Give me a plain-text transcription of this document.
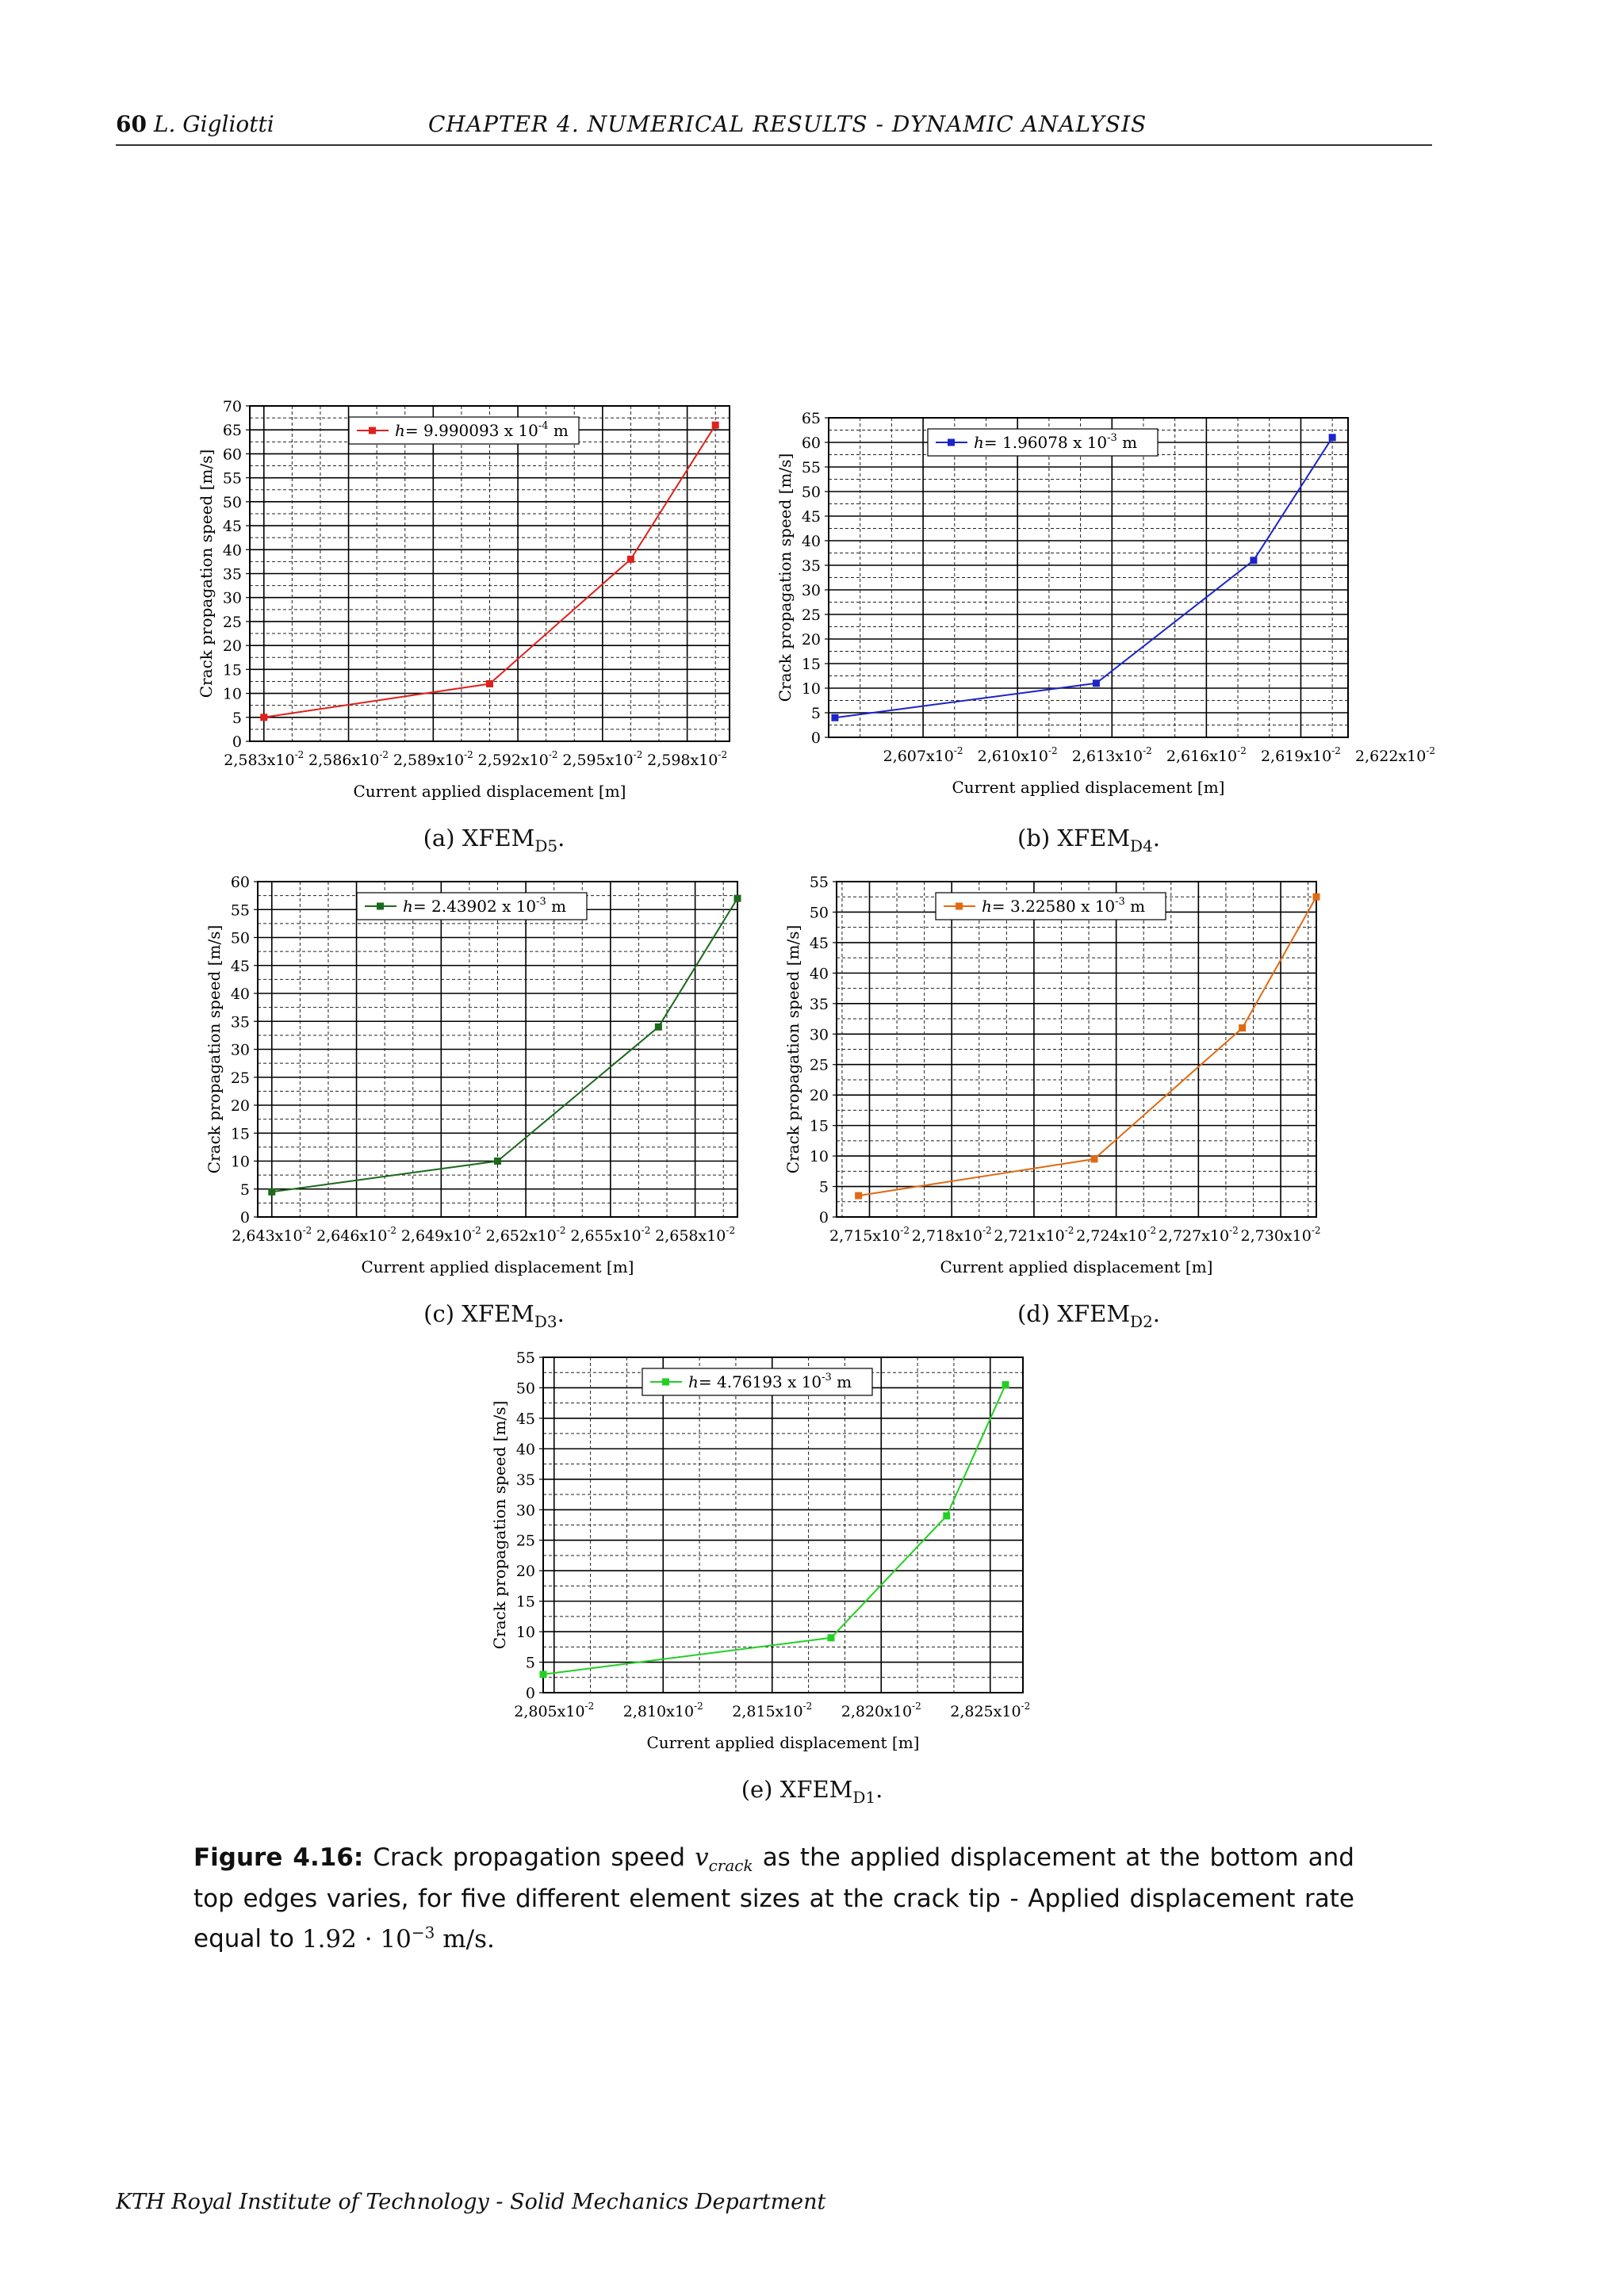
60 L. Gigliotti	CHAPTER 4. NUMERICAL RESULTS - DYNAMIC ANALYSIS
0
5
10
15
20
25
30
35
40
45
50
55
60
65
70
$2,583x10^{-2}$ $2,586x10^{-2}$ $2,589x10^{-2}$ $2,592x10^{-2}$ $2,595x10^{-2}$ $2,598x10^{-2}$
h= 9.990093 x $10^{-4}$ m
Current applied displacement [m]
Crack propagation speed [m/s]
0
5
10
15
20
25
30
35
40
45
50
55
60
65
$2,607x10^{-2}$ $2,610x10^{-2}$ $2,613x10^{-2}$ $2,616x10^{-2}$ $2,619x10^{-2}$ $2,622x10^{-2}$
h= 1.96078 x $10^{-3}$ m
Current applied displacement [m]
Crack propagation speed [m/s]
0
5
10
15
20
25
30
35
40
45
50
55
60
$2,643x10^{-2}$ $2,646x10^{-2}$ $2,649x10^{-2}$ $2,652x10^{-2}$ $2,655x10^{-2}$ $2,658x10^{-2}$
h= 2.43902 x $10^{-3}$ m
Current applied displacement [m]
Crack propagation speed [m/s]
0
5
10
15
20
25
30
35
40
45
50
55
$2,715x10^{-2}$ $2,718x10^{-2}$ $2,721x10^{-2}$ $2,724x10^{-2}$ $2,727x10^{-2}$ $2,730x10^{-2}$
h= 3.22580 x $10^{-3}$ m
Current applied displacement [m]
Crack propagation speed [m/s]
0
5
10
15
20
25
30
35
40
45
50
55
$2,805x10^{-2}$ $2,810x10^{-2}$ $2,815x10^{-2}$ $2,820x10^{-2}$ $2,825x10^{-2}$
h= 4.76193 x $10^{-3}$ m
Current applied displacement [m]
Crack propagation speed [m/s]
(a) $XFEM_{D5}$.	(b) $XFEM_{D4}$.
(c) $XFEM_{D3}$.	(d) $XFEM_{D2}$.
(e) $XFEM_{D1}$.
Figure 4.16: Crack propagation speed $v_{crack}$ as the applied displacement at the bottom and top edges varies, for five different element sizes at the crack tip - Applied displacement rate equal to $1.92 \cdot 10^{-3}$ m/s.
KTH Royal Institute of Technology - Solid Mechanics Department
